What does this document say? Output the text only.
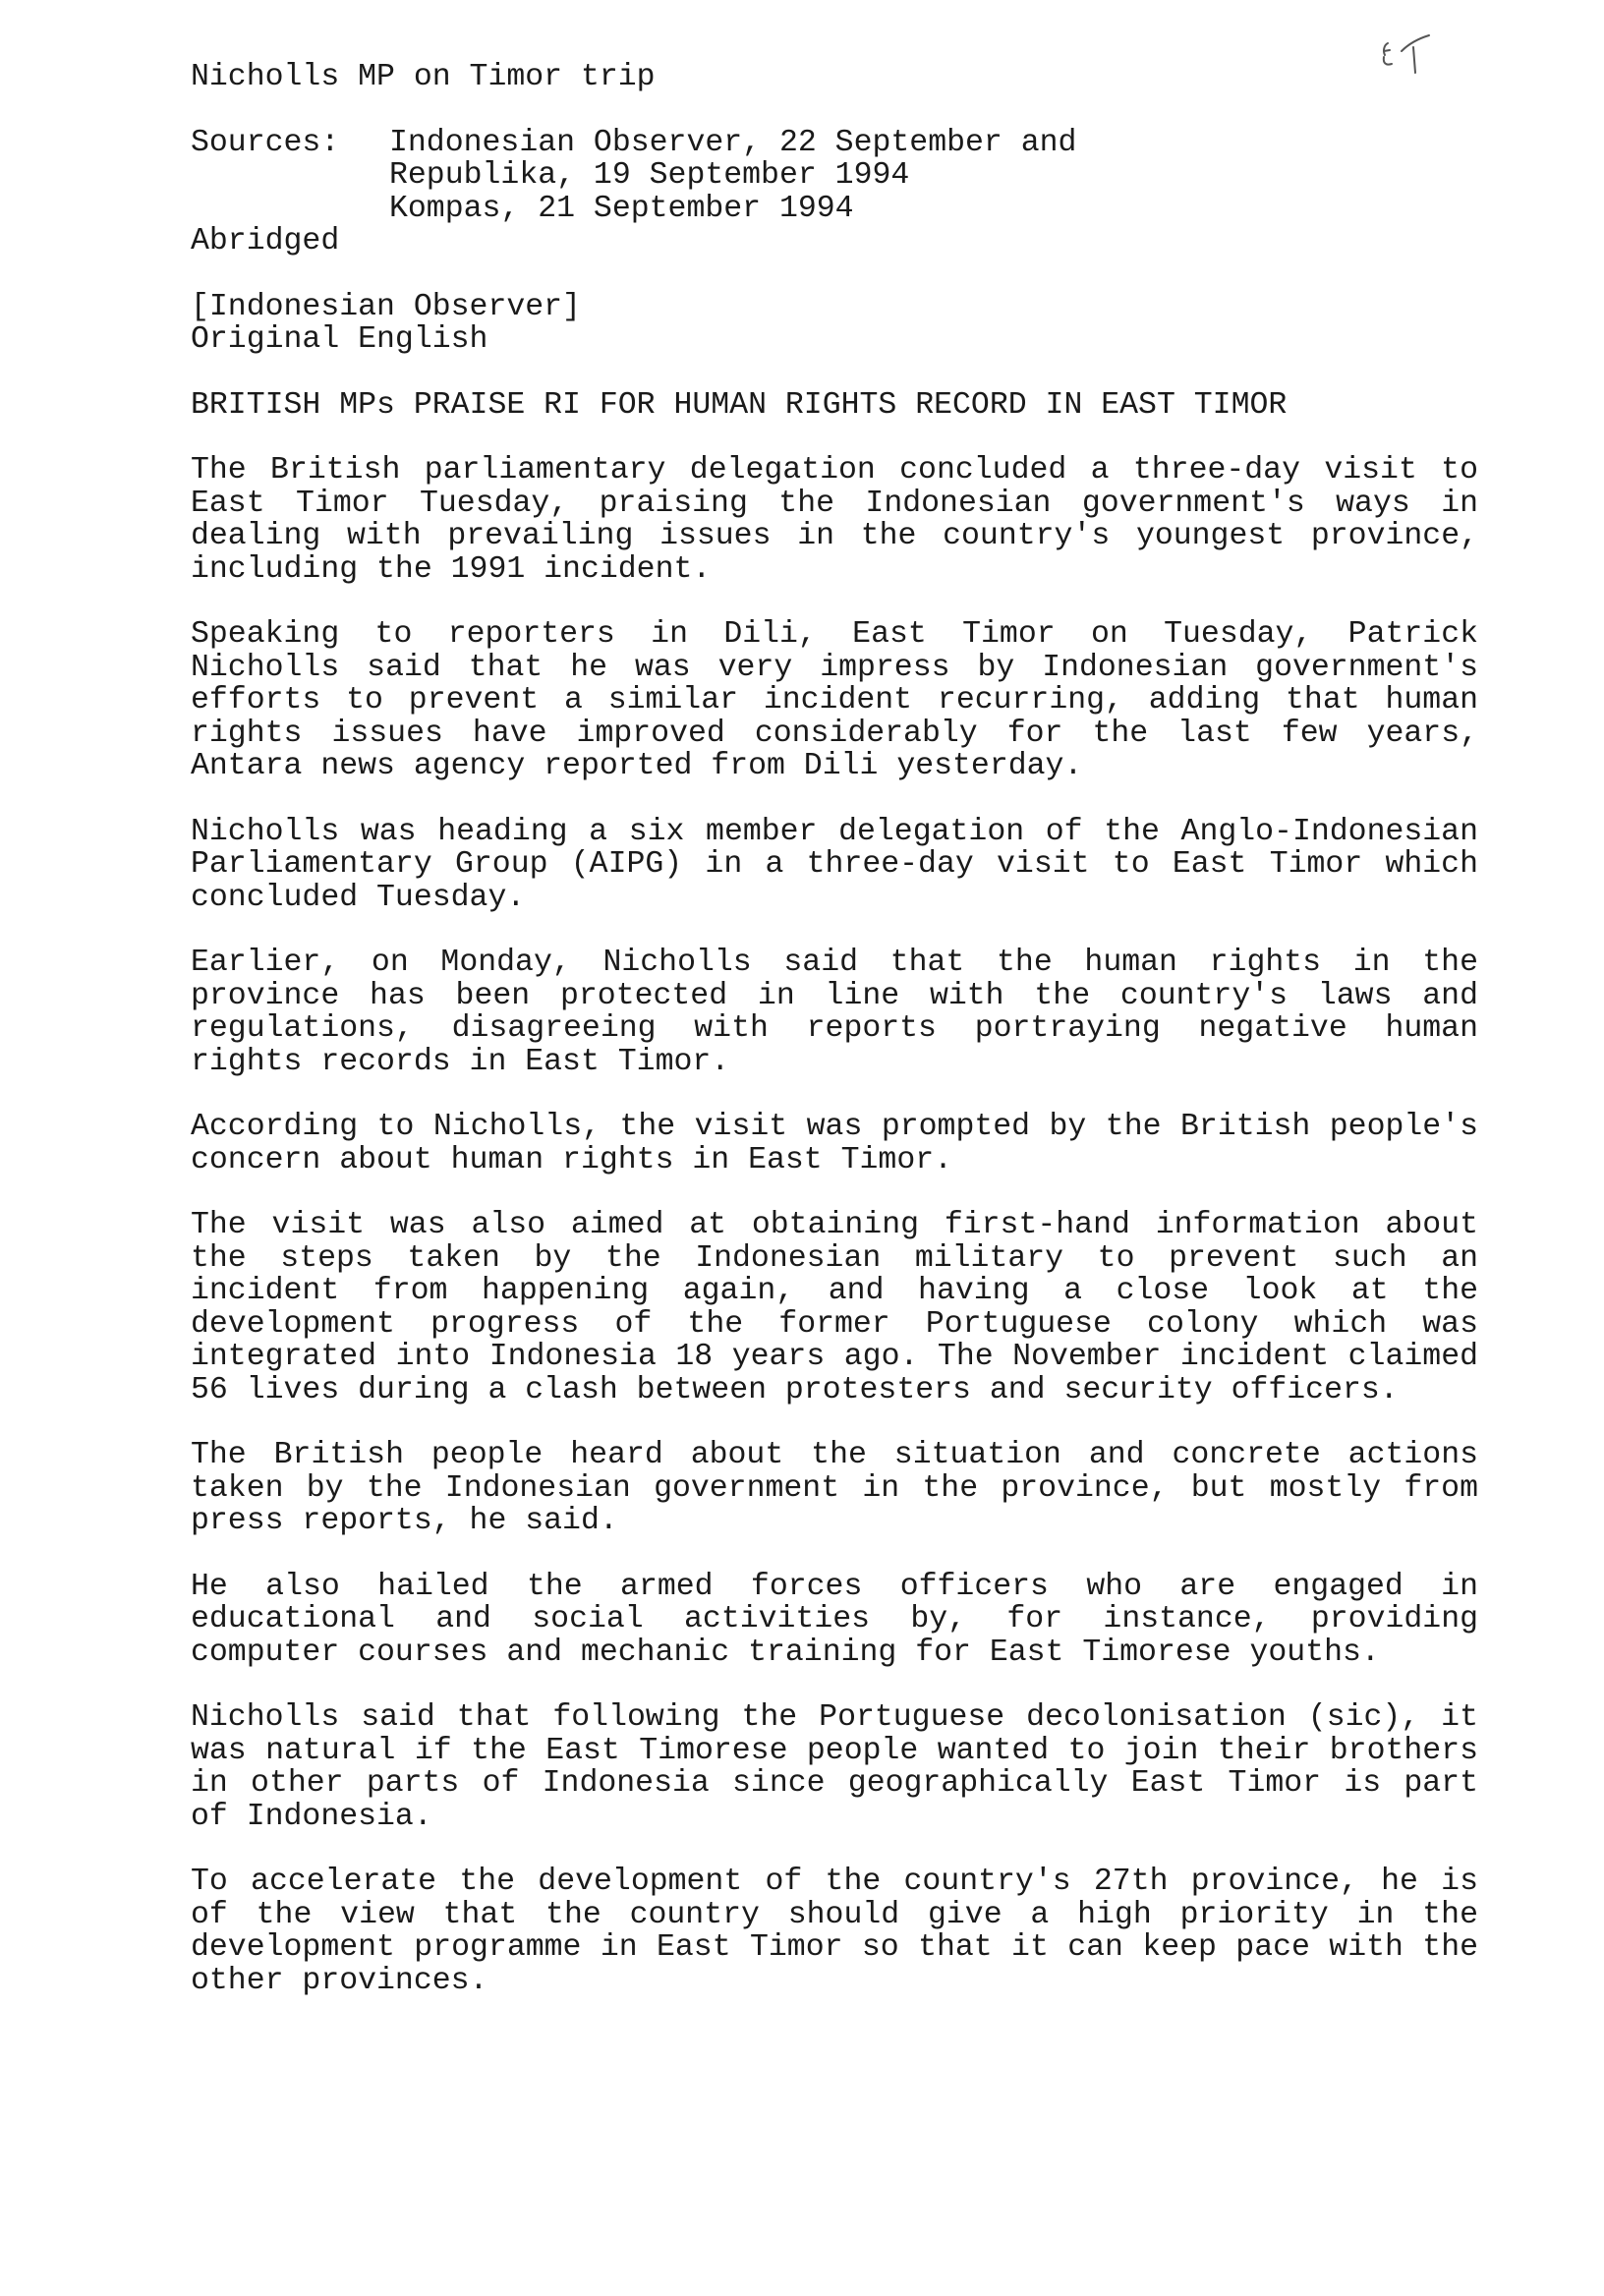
Nicholls MP on Timor trip
Sources:	Indonesian Observer, 22 September and
Republika, 19 September 1994
Kompas, 21 September 1994
Abridged
[Indonesian Observer]
Original English
BRITISH MPs PRAISE RI FOR HUMAN RIGHTS RECORD IN EAST TIMOR

The British parliamentary delegation concluded a three-day visit to East Timor Tuesday, praising the Indonesian government's ways in dealing with prevailing issues in the country's youngest province, including the 1991 incident.

Speaking to reporters in Dili, East Timor on Tuesday, Patrick Nicholls said that he was very impress by Indonesian government's efforts to prevent a similar incident recurring, adding that human rights issues have improved considerably for the last few years, Antara news agency reported from Dili yesterday.

Nicholls was heading a six member delegation of the Anglo-Indonesian Parliamentary Group (AIPG) in a three-day visit to East Timor which concluded Tuesday.

Earlier, on Monday, Nicholls said that the human rights in the province has been protected in line with the country's laws and regulations, disagreeing with reports portraying negative human rights records in East Timor.

According to Nicholls, the visit was prompted by the British people's concern about human rights in East Timor.

The visit was also aimed at obtaining first-hand information about the steps taken by the Indonesian military to prevent such an incident from happening again, and having a close look at the development progress of the former Portuguese colony which was integrated into Indonesia 18 years ago. The November incident claimed 56 lives during a clash between protesters and security officers.

The British people heard about the situation and concrete actions taken by the Indonesian government in the province, but mostly from press reports, he said.

He also hailed the armed forces officers who are engaged in educational and social activities by, for instance, providing computer courses and mechanic training for East Timorese youths.

Nicholls said that following the Portuguese decolonisation (sic), it was natural if the East Timorese people wanted to join their brothers in other parts of Indonesia since geographically East Timor is part of Indonesia.

To accelerate the development of the country's 27th province, he is of the view that the country should give a high priority in the development programme in East Timor so that it can keep pace with the other provinces.
